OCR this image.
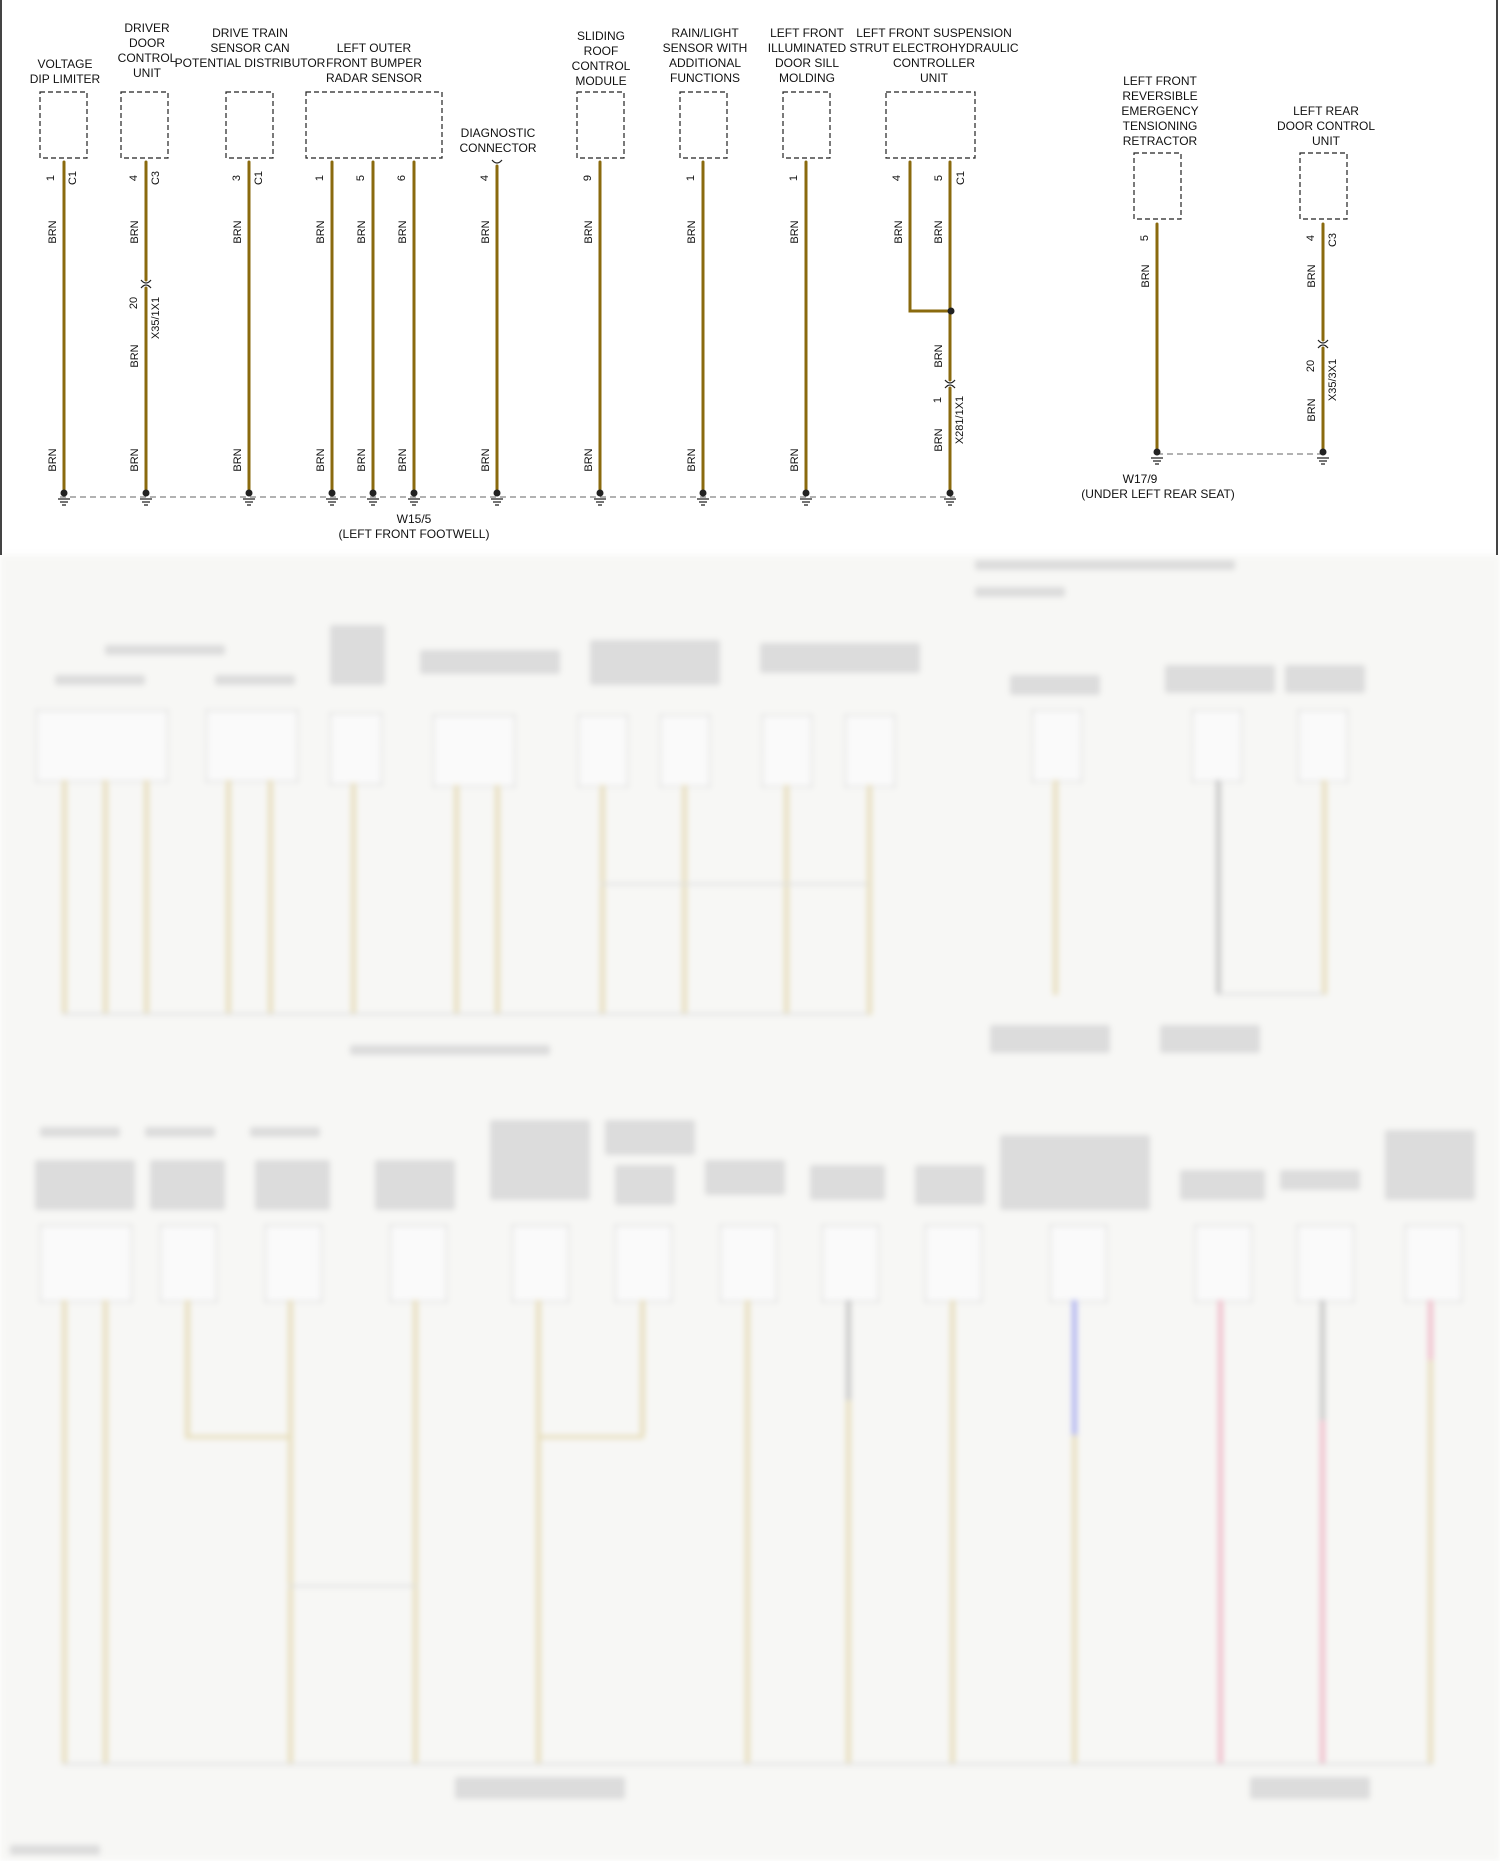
VOLTAGE
DIP LIMITER
1 C1
BRN
BRN
DRIVER
DOOR
CONTROL
UNIT
4 C3
20 X35/1X1
BRN
BRN
BRN
DRIVE TRAIN
SENSOR CAN
POTENTIAL DISTRIBUTOR
3 C1
BRN
BRN
LEFT OUTER
FRONT BUMPER
RADAR SENSOR
1	5	6
BRN	BRN	BRN
BRN	BRN	BRN
DIAGNOSTIC
CONNECTOR
4
BRN
BRN
SLIDING
ROOF
CONTROL
MODULE
9
BRN
BRN
RAIN/LIGHT
SENSOR WITH
ADDITIONAL
FUNCTIONS
1
BRN
BRN
LEFT FRONT
ILLUMINATED
DOOR SILL
MOLDING
1
BRN
BRN
LEFT FRONT SUSPENSION
STRUT ELECTROHYDRAULIC
CONTROLLER
UNIT
4	5 C1
1 X281/1X1
BRN	BRN
BRN
BRN
W15/5
(LEFT FRONT FOOTWELL)
LEFT FRONT
REVERSIBLE
EMERGENCY
TENSIONING
RETRACTOR
5
BRN
LEFT REAR
DOOR CONTROL
UNIT
4 C3
20 X35/3X1
BRN
BRN
W17/9
(UNDER LEFT REAR SEAT)
